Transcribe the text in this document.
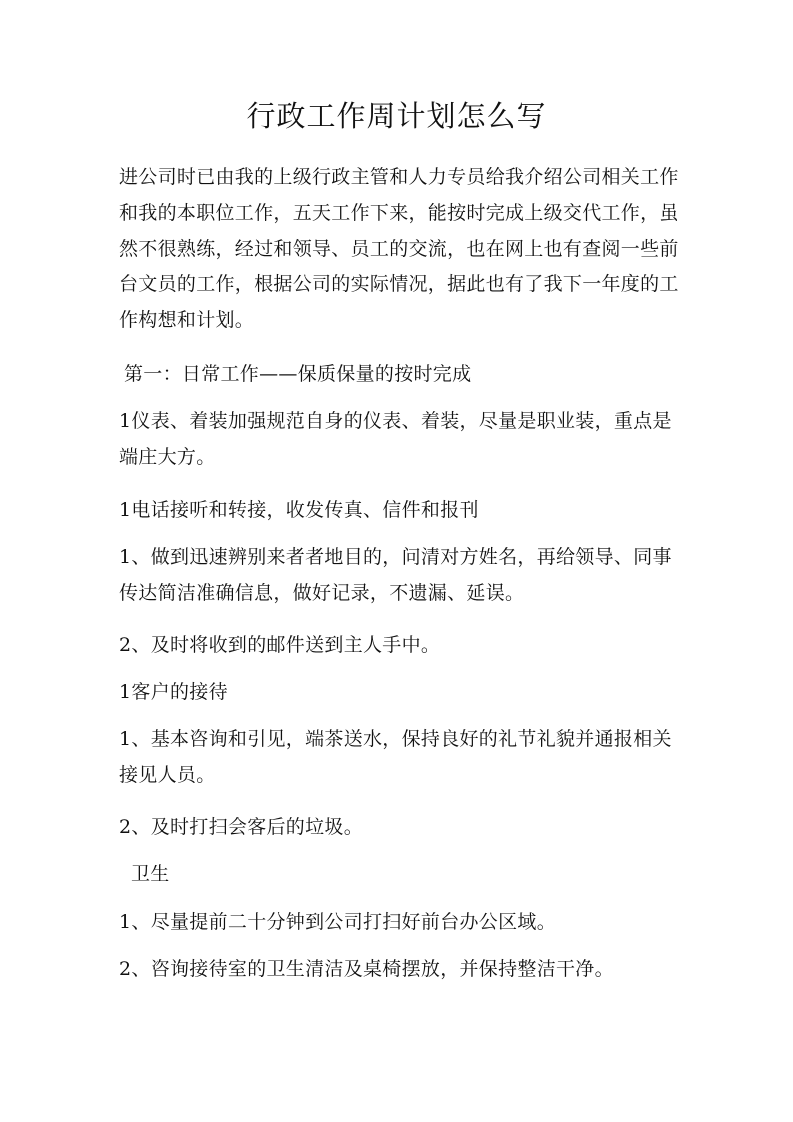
行政工作周计划怎么写

进公司时已由我的上级行政主管和人力专员给我介绍公司相关工作和我的本职位工作，五天工作下来，能按时完成上级交代工作，虽然不很熟练，经过和领导、员工的交流，也在网上也有查阅一些前台文员的工作，根据公司的实际情况，据此也有了我下一年度的工作构想和计划。

第一：日常工作——保质保量的按时完成

1仪表、着装加强规范自身的仪表、着装，尽量是职业装，重点是端庄大方。

1电话接听和转接，收发传真、信件和报刊

1、做到迅速辨别来者者地目的，问清对方姓名，再给领导、同事传达简洁准确信息，做好记录，不遗漏、延误。

2、及时将收到的邮件送到主人手中。

1客户的接待

1、基本咨询和引见，端茶送水，保持良好的礼节礼貌并通报相关接见人员。

2、及时打扫会客后的垃圾。

卫生

1、尽量提前二十分钟到公司打扫好前台办公区域。

2、咨询接待室的卫生清洁及桌椅摆放，并保持整洁干净。
